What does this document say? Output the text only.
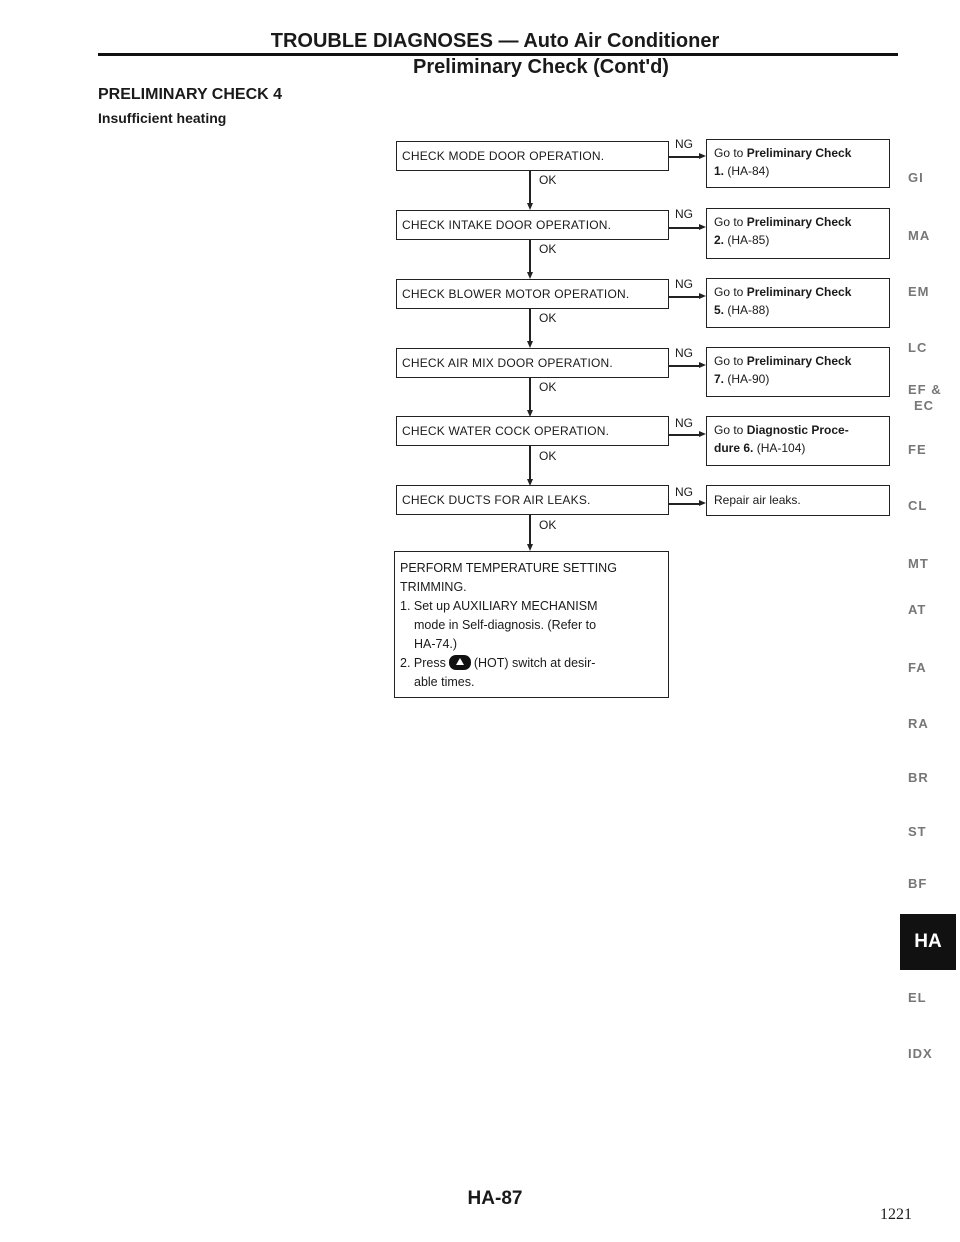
TROUBLE DIAGNOSES — Auto Air Conditioner
Preliminary Check (Cont'd)
PRELIMINARY CHECK 4
Insufficient heating
CHECK MODE DOOR OPERATION.
NG
Go to Preliminary Check
1. (HA-84)
OK
CHECK INTAKE DOOR OPERATION.
NG
Go to Preliminary Check
2. (HA-85)
OK
CHECK BLOWER MOTOR OPERATION.
NG
Go to Preliminary Check
5. (HA-88)
OK
CHECK AIR MIX DOOR OPERATION.
NG
Go to Preliminary Check
7. (HA-90)
OK
CHECK WATER COCK OPERATION.
NG	Go to Diagnostic Proce-
dure 6. (HA-104)
OK
CHECK DUCTS FOR AIR LEAKS.
NG
Repair air leaks.
OK
PERFORM TEMPERATURE SETTING
TRIMMING.
1. Set up AUXILIARY MECHANISM
mode in Self-diagnosis. (Refer to
HA-74.)
2. Press (HOT) switch at desir-
able times.
GI
MA
EM
LC
EF &
EC
FE
CL
MT
AT
FA
RA
BR
ST
BF
HA
EL
IDX
HA-87
1221
